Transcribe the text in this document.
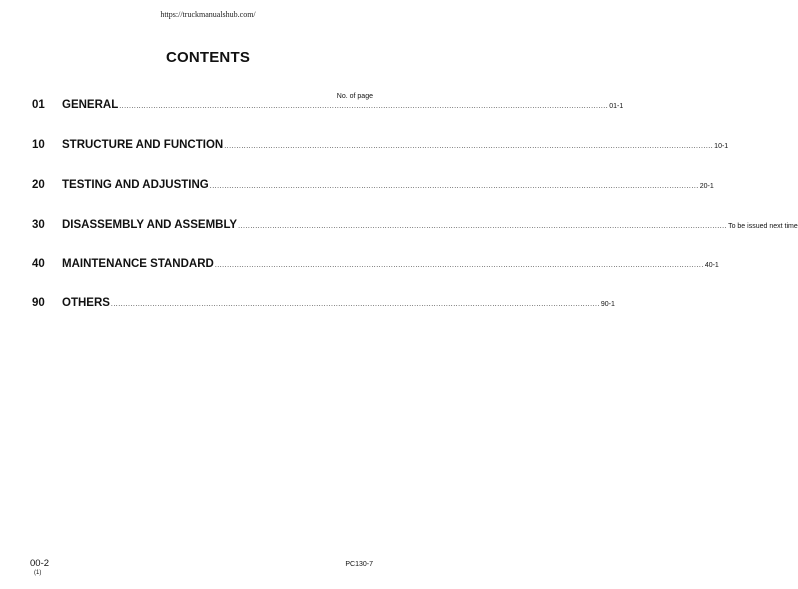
https://truckmanualshub.com/
CONTENTS
No. of page
01	GENERAL ........................................................................................................................................................................................................ 01-1
10	STRUCTURE AND FUNCTION ........................................................................................................................................................................................................ 10-1
20	TESTING AND ADJUSTING ........................................................................................................................................................................................................ 20-1
30	DISASSEMBLY AND ASSEMBLY ........................................................................................................................................................................................................ To be issued next time
40	MAINTENANCE STANDARD ........................................................................................................................................................................................................ 40-1
90	OTHERS ........................................................................................................................................................................................................ 90-1
00-2
(1)
PC130-7
